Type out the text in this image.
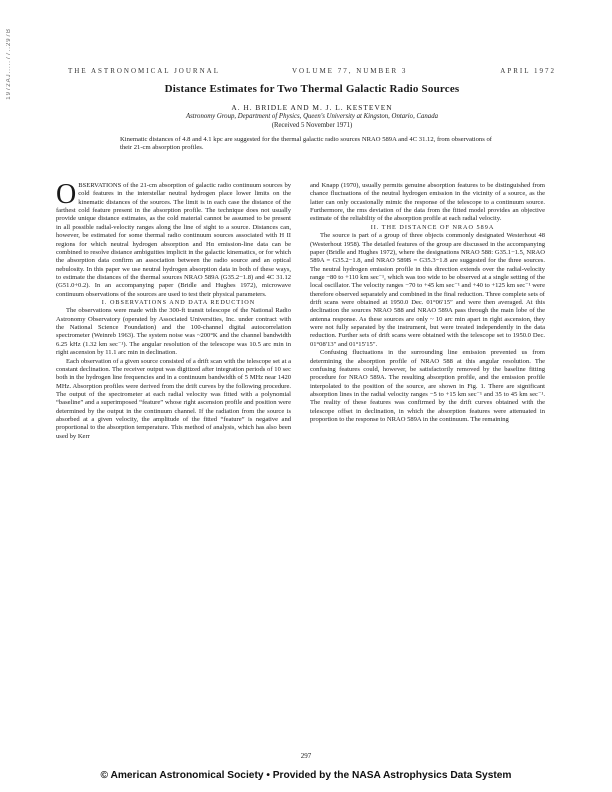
1972AJ.....77..297B	THE ASTRONOMICAL JOURNAL	VOLUME 77, NUMBER 3	APRIL 1972
Distance Estimates for Two Thermal Galactic Radio Sources
A. H. BRIDLE AND M. J. L. KESTEVEN
Astronomy Group, Department of Physics, Queen's University at Kingston, Ontario, Canada
(Received 5 November 1971)
Kinematic distances of 4.8 and 4.1 kpc are suggested for the thermal galactic radio sources NRAO 589A and 4C 31.12, from observations of their 21-cm absorption profiles.

OBSERVATIONS of the 21-cm absorption of galactic radio continuum sources by cold features in the interstellar neutral hydrogen place lower limits on the kinematic distances of the sources. The limit is in each case the distance of the farthest cold feature present in the absorption profile. The technique does not usually provide unique distance estimates, as the cold material cannot be assumed to be present in all possible radial-velocity ranges along the line of sight to a source. Distances can, however, be estimated for some thermal radio continuum sources associated with H II regions for which neutral hydrogen absorption and Hα emission-line data can be combined to resolve distance ambiguities implicit in the galactic kinematics, or for which the absorption data confirm an association between the radio source and an optical nebulosity. In this paper we use neutral hydrogen absorption data in both of these ways, to estimate the distances of the thermal sources NRAO 589A (G35.2−1.8) and 4C 31.12 (G51.0+0.2). In an accompanying paper (Bridle and Hughes 1972), microwave continuum observations of the sources are used to test their physical parameters.

I. OBSERVATIONS AND DATA REDUCTION

The observations were made with the 300-ft transit telescope of the National Radio Astronomy Observatory (operated by Associated Universities, Inc. under contract with the National Science Foundation) and the 100-channel digital autocorrelation spectrometer (Weinreb 1963). The system noise was ~200°K and the channel bandwidth 6.25 kHz (1.32 km sec⁻¹). The angular resolution of the telescope was 10.5 arc min in right ascension by 11.1 arc min in declination.

Each observation of a given source consisted of a drift scan with the telescope set at a constant declination. The receiver output was digitized after integration periods of 10 sec both in the hydrogen line frequencies and in a continuum bandwidth of 5 MHz near 1420 MHz. Absorption profiles were derived from the drift curves by the following procedure. The output of the spectrometer at each radial velocity was fitted with a polynomial “baseline” and a superimposed “feature” whose right ascension profile and position were determined by the output in the continuum channel. If the radiation from the source is absorbed at a given velocity, the amplitude of the fitted “feature” is negative and proportional to the absorption temperature. This method of analysis, which has also been used by Kerr

and Knapp (1970), usually permits genuine absorption features to be distinguished from chance fluctuations of the neutral hydrogen emission in the vicinity of a source, as the latter can only occasionally mimic the response of the telescope to a continuum source. Furthermore, the rms deviation of the data from the fitted model provides an objective estimate of the reliability of the absorption profile at each radial velocity.

II. THE DISTANCE OF NRAO 589A

The source is part of a group of three objects commonly designated Westerhout 48 (Westerhout 1958). The detailed features of the group are discussed in the accompanying paper (Bridle and Hughes 1972), where the designations NRAO 588: G35.1−1.5, NRAO 589A = G35.2−1.8, and NRAO 589B = G35.3−1.8 are suggested for the three sources. The neutral hydrogen emission profile in this direction extends over the radial-velocity range −80 to +110 km sec⁻¹, which was too wide to be observed at a single setting of the local oscillator. The velocity ranges −70 to +45 km sec⁻¹ and +40 to +125 km sec⁻¹ were therefore observed separately and combined in the final reduction. Three complete sets of drift scans were obtained at 1950.0 Dec. 01°06′15″ and were then averaged. At this declination the sources NRAO 588 and NRAO 589A pass through the main lobe of the antenna response. As these sources are only ~ 10 arc min apart in right ascension, they were not fully separated by the instrument, but were treated independently in the data reduction. Further sets of drift scans were obtained with the telescope set to 1950.0 Dec. 01°08′13″ and 01°15′15″.

Confusing fluctuations in the surrounding line emission prevented us from determining the absorption profile of NRAO 588 at this angular resolution. The confusing features could, however, be satisfactorily removed by the baseline fitting procedure for NRAO 589A. The resulting absorption profile, and the emission profile interpolated to the position of the source, are shown in Fig. 1. There are significant absorption lines in the radial velocity ranges −5 to +15 km sec⁻¹ and 35 to 45 km sec⁻¹. The reality of these features was confirmed by the drift curves obtained with the telescope offset in declination, in which the absorption features were attenuated in proportion to the response to NRAO 589A in the continuum. The remaining

297
© American Astronomical Society • Provided by the NASA Astrophysics Data System
